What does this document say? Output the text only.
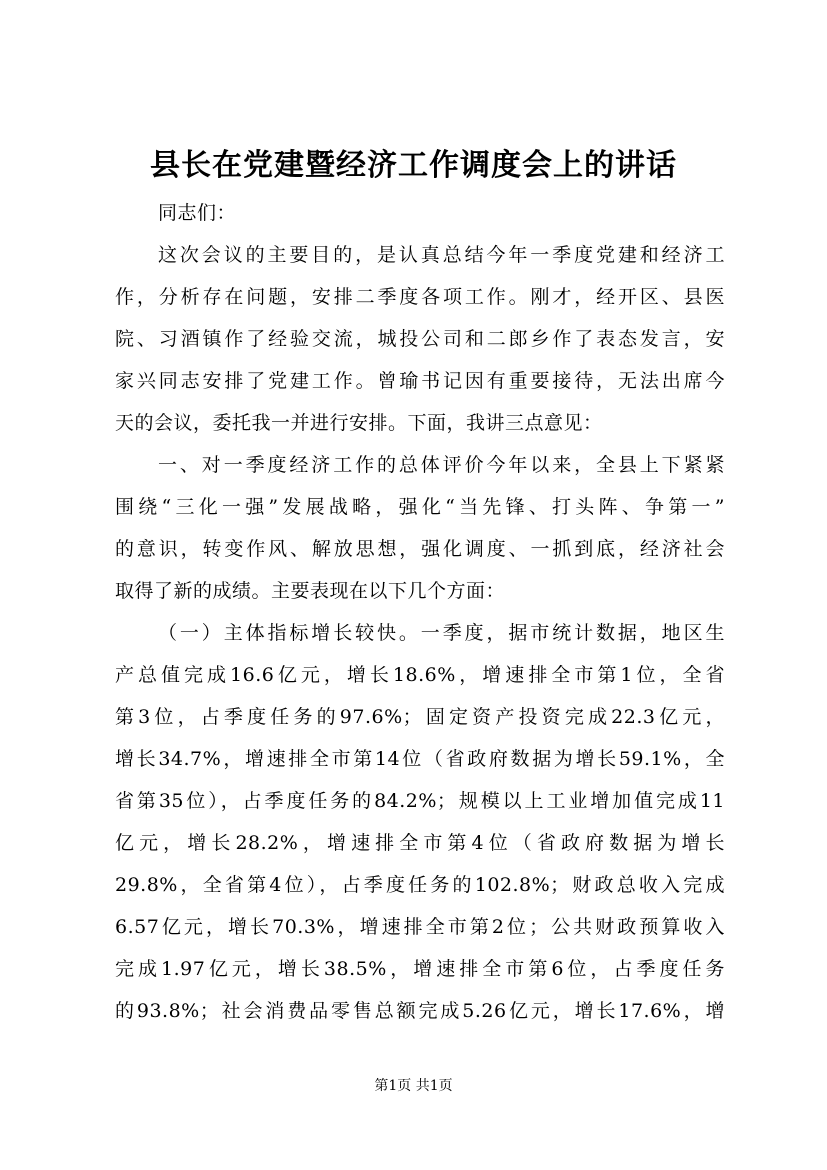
县长在党建暨经济工作调度会上的讲话
同志们：
这次会议的主要目的，是认真总结今年一季度党建和经济工
作，分析存在问题，安排二季度各项工作。刚才，经开区、县医
院、习酒镇作了经验交流，城投公司和二郎乡作了表态发言，安
家兴同志安排了党建工作。曾瑜书记因有重要接待，无法出席今
天的会议，委托我一并进行安排。下面，我讲三点意见：
一、对一季度经济工作的总体评价今年以来，全县上下紧紧
围绕“三化一强”发展战略，强化“当先锋、打头阵、争第一”
的意识，转变作风、解放思想，强化调度、一抓到底，经济社会
取得了新的成绩。主要表现在以下几个方面：
（一）主体指标增长较快。一季度，据市统计数据，地区生
产总值完成16.6亿元，增长18.6%，增速排全市第1位，全省
第3位，占季度任务的97.6%；固定资产投资完成22.3亿元，
增长34.7%，增速排全市第14位（省政府数据为增长59.1%，全
省第35位），占季度任务的84.2%；规模以上工业增加值完成11
亿元，增长28.2%，增速排全市第4位（省政府数据为增长
29.8%，全省第4位），占季度任务的102.8%；财政总收入完成
6.57亿元，增长70.3%，增速排全市第2位；公共财政预算收入
完成1.97亿元，增长38.5%，增速排全市第6位，占季度任务
的93.8%；社会消费品零售总额完成5.26亿元，增长17.6%，增
第1页 共1页
